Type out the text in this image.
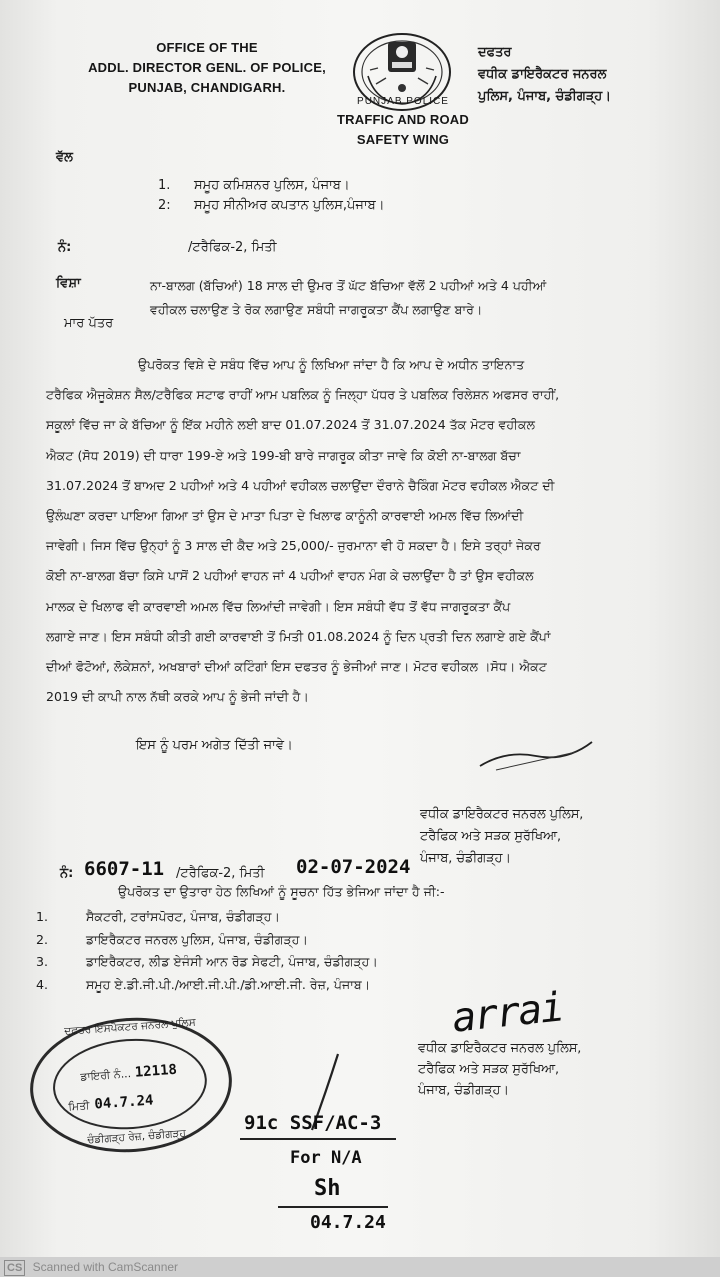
OFFICE OF THE
ADDL. DIRECTOR GENL. OF POLICE,
PUNJAB, CHANDIGARH.
PUNJAB POLICE
TRAFFIC AND ROAD
SAFETY WING
ਦਫਤਰ
ਵਧੀਕ ਡਾਇਰੈਕਟਰ ਜਨਰਲ
ਪੁਲਿਸ, ਪੰਜਾਬ, ਚੰਡੀਗੜ੍ਹ।
ਵੱਲ
1. ਸਮੂਹ ਕਮਿਸ਼ਨਰ ਪੁਲਿਸ, ਪੰਜਾਬ।
2: ਸਮੂਹ ਸੀਨੀਅਰ ਕਪਤਾਨ ਪੁਲਿਸ,ਪੰਜਾਬ।
ਨੰ:	/ਟਰੈਫਿਕ-2, ਮਿਤੀ
ਵਿਸ਼ਾ	ਨਾ-ਬਾਲਗ (ਬੱਚਿਆਂ) 18 ਸਾਲ ਦੀ ਉਮਰ ਤੋਂ ਘੱਟ ਬੱਚਿਆ ਵੱਲੋਂ 2 ਪਹੀਆਂ ਅਤੇ 4 ਪਹੀਆਂ
ਵਹੀਕਲ ਚਲਾਉਣ ਤੇ ਰੋਕ ਲਗਾਉਣ ਸਬੰਧੀ ਜਾਗਰੂਕਤਾ ਕੈਂਪ ਲਗਾਉਣ ਬਾਰੇ।
ਮਾਰ ਪੱਤਰ
ਉਪਰੋਕਤ ਵਿਸ਼ੇ ਦੇ ਸਬੰਧ ਵਿੱਚ ਆਪ ਨੂੰ ਲਿਖਿਆ ਜਾਂਦਾ ਹੈ ਕਿ ਆਪ ਦੇ ਅਧੀਨ ਤਾਇਨਾਤ
ਟਰੈਫਿਕ ਐਜੂਕੇਸ਼ਨ ਸੈਲ/ਟਰੈਫਿਕ ਸਟਾਫ ਰਾਹੀਂ ਆਮ ਪਬਲਿਕ ਨੂੰ ਜਿਲ੍ਹਾ ਪੱਧਰ ਤੇ ਪਬਲਿਕ ਰਿਲੇਸ਼ਨ ਅਫਸਰ ਰਾਹੀਂ,
ਸਕੂਲਾਂ ਵਿੱਚ ਜਾ ਕੇ ਬੱਚਿਆ ਨੂੰ ਇੱਕ ਮਹੀਨੇ ਲਈ ਬਾਦ 01.07.2024 ਤੋਂ 31.07.2024 ਤੱਕ ਮੋਟਰ ਵਹੀਕਲ
ਐਕਟ (ਸੋਧ 2019) ਦੀ ਧਾਰਾ 199-ਏ ਅਤੇ 199-ਬੀ ਬਾਰੇ ਜਾਗਰੂਕ ਕੀਤਾ ਜਾਵੇ ਕਿ ਕੋਈ ਨਾ-ਬਾਲਗ ਬੱਚਾ
31.07.2024 ਤੋਂ ਬਾਅਦ 2 ਪਹੀਆਂ ਅਤੇ 4 ਪਹੀਆਂ ਵਹੀਕਲ ਚਲਾਉਂਦਾ ਦੌਰਾਨੇ ਚੈਕਿੰਗ ਮੋਟਰ ਵਹੀਕਲ ਐਕਟ ਦੀ
ਉਲੰਘਣਾ ਕਰਦਾ ਪਾਇਆ ਗਿਆ ਤਾਂ ਉਸ ਦੇ ਮਾਤਾ ਪਿਤਾ ਦੇ ਖਿਲਾਫ ਕਾਨੂੰਨੀ ਕਾਰਵਾਈ ਅਮਲ ਵਿੱਚ ਲਿਆਂਦੀ
ਜਾਵੇਗੀ। ਜਿਸ ਵਿੱਚ ਉਨ੍ਹਾਂ ਨੂੰ 3 ਸਾਲ ਦੀ ਕੈਦ ਅਤੇ 25,000/- ਜੁਰਮਾਨਾ ਵੀ ਹੋ ਸਕਦਾ ਹੈ। ਇਸੇ ਤਰ੍ਹਾਂ ਜੇਕਰ
ਕੋਈ ਨਾ-ਬਾਲਗ ਬੱਚਾ ਕਿਸੇ ਪਾਸੋਂ 2 ਪਹੀਆਂ ਵਾਹਨ ਜਾਂ 4 ਪਹੀਆਂ ਵਾਹਨ ਮੰਗ ਕੇ ਚਲਾਉਂਦਾ ਹੈ ਤਾਂ ਉਸ ਵਹੀਕਲ
ਮਾਲਕ ਦੇ ਖਿਲਾਫ ਵੀ ਕਾਰਵਾਈ ਅਮਲ ਵਿੱਚ ਲਿਆਂਦੀ ਜਾਵੇਗੀ। ਇਸ ਸਬੰਧੀ ਵੱਧ ਤੋਂ ਵੱਧ ਜਾਗਰੂਕਤਾ ਕੈਂਪ
ਲਗਾਏ ਜਾਣ। ਇਸ ਸਬੰਧੀ ਕੀਤੀ ਗਈ ਕਾਰਵਾਈ ਤੋਂ ਮਿਤੀ 01.08.2024 ਨੂੰ ਦਿਨ ਪ੍ਰਤੀ ਦਿਨ ਲਗਾਏ ਗਏ ਕੈਂਪਾਂ
ਦੀਆਂ ਫੋਟੋਆਂ, ਲੋਕੇਸ਼ਨਾਂ, ਅਖਬਾਰਾਂ ਦੀਆਂ ਕਟਿੰਗਾਂ ਇਸ ਦਫਤਰ ਨੂੰ ਭੇਜੀਆਂ ਜਾਣ। ਮੋਟਰ ਵਹੀਕਲ ।ਸੋਧ। ਐਕਟ
2019 ਦੀ ਕਾਪੀ ਨਾਲ ਨੱਥੀ ਕਰਕੇ ਆਪ ਨੂੰ ਭੇਜੀ ਜਾਂਦੀ ਹੈ।
ਇਸ ਨੂੰ ਪਰਮ ਅਗੇਤ ਦਿੱਤੀ ਜਾਵੇ।
ਵਧੀਕ ਡਾਇਰੈਕਟਰ ਜਨਰਲ ਪੁਲਿਸ,
ਟਰੈਫਿਕ ਅਤੇ ਸੜਕ ਸੁਰੱਖਿਆ,
ਪੰਜਾਬ, ਚੰਡੀਗੜ੍ਹ।
ਨੰ: 6607-11 /ਟਰੈਫਿਕ-2, ਮਿਤੀ 02-07-2024
ਉਪਰੋਕਤ ਦਾ ਉਤਾਰਾ ਹੇਠ ਲਿਖਿਆਂ ਨੂੰ ਸੂਚਨਾ ਹਿੱਤ ਭੇਜਿਆ ਜਾਂਦਾ ਹੈ ਜੀ:-
1.	ਸੈਕਟਰੀ, ਟਰਾਂਸਪੋਰਟ, ਪੰਜਾਬ, ਚੰਡੀਗੜ੍ਹ।
2.	ਡਾਇਰੈਕਟਰ ਜਨਰਲ ਪੁਲਿਸ, ਪੰਜਾਬ, ਚੰਡੀਗੜ੍ਹ।
3.	ਡਾਇਰੈਕਟਰ, ਲੀਡ ਏਜੰਸੀ ਆਨ ਰੋਡ ਸੇਫਟੀ, ਪੰਜਾਬ, ਚੰਡੀਗੜ੍ਹ।
4.	ਸਮੂਹ ਏ.ਡੀ.ਜੀ.ਪੀ./ਆਈ.ਜੀ.ਪੀ./ਡੀ.ਆਈ.ਜੀ. ਰੇਜ਼, ਪੰਜਾਬ।
arrai
ਵਧੀਕ ਡਾਇਰੈਕਟਰ ਜਨਰਲ ਪੁਲਿਸ,
ਟਰੈਫਿਕ ਅਤੇ ਸੜਕ ਸੁਰੱਖਿਆ,
ਪੰਜਾਬ, ਚੰਡੀਗੜ੍ਹ।
ਦਫਤਰ ਇੰਸਪੈਕਟਰ ਜਨਰਲ ਪੁਲਿਸ
ਚੰਡੀਗੜ੍ਹ ਰੇਜ਼, ਚੰਡੀਗੜ੍ਹ
ਡਾਇਰੀ ਨੰ... 12118
ਮਿਤੀ 04.7.24
91c SSF/AC-3
For N/A
Sh
04.7.24
CS Scanned with CamScanner
